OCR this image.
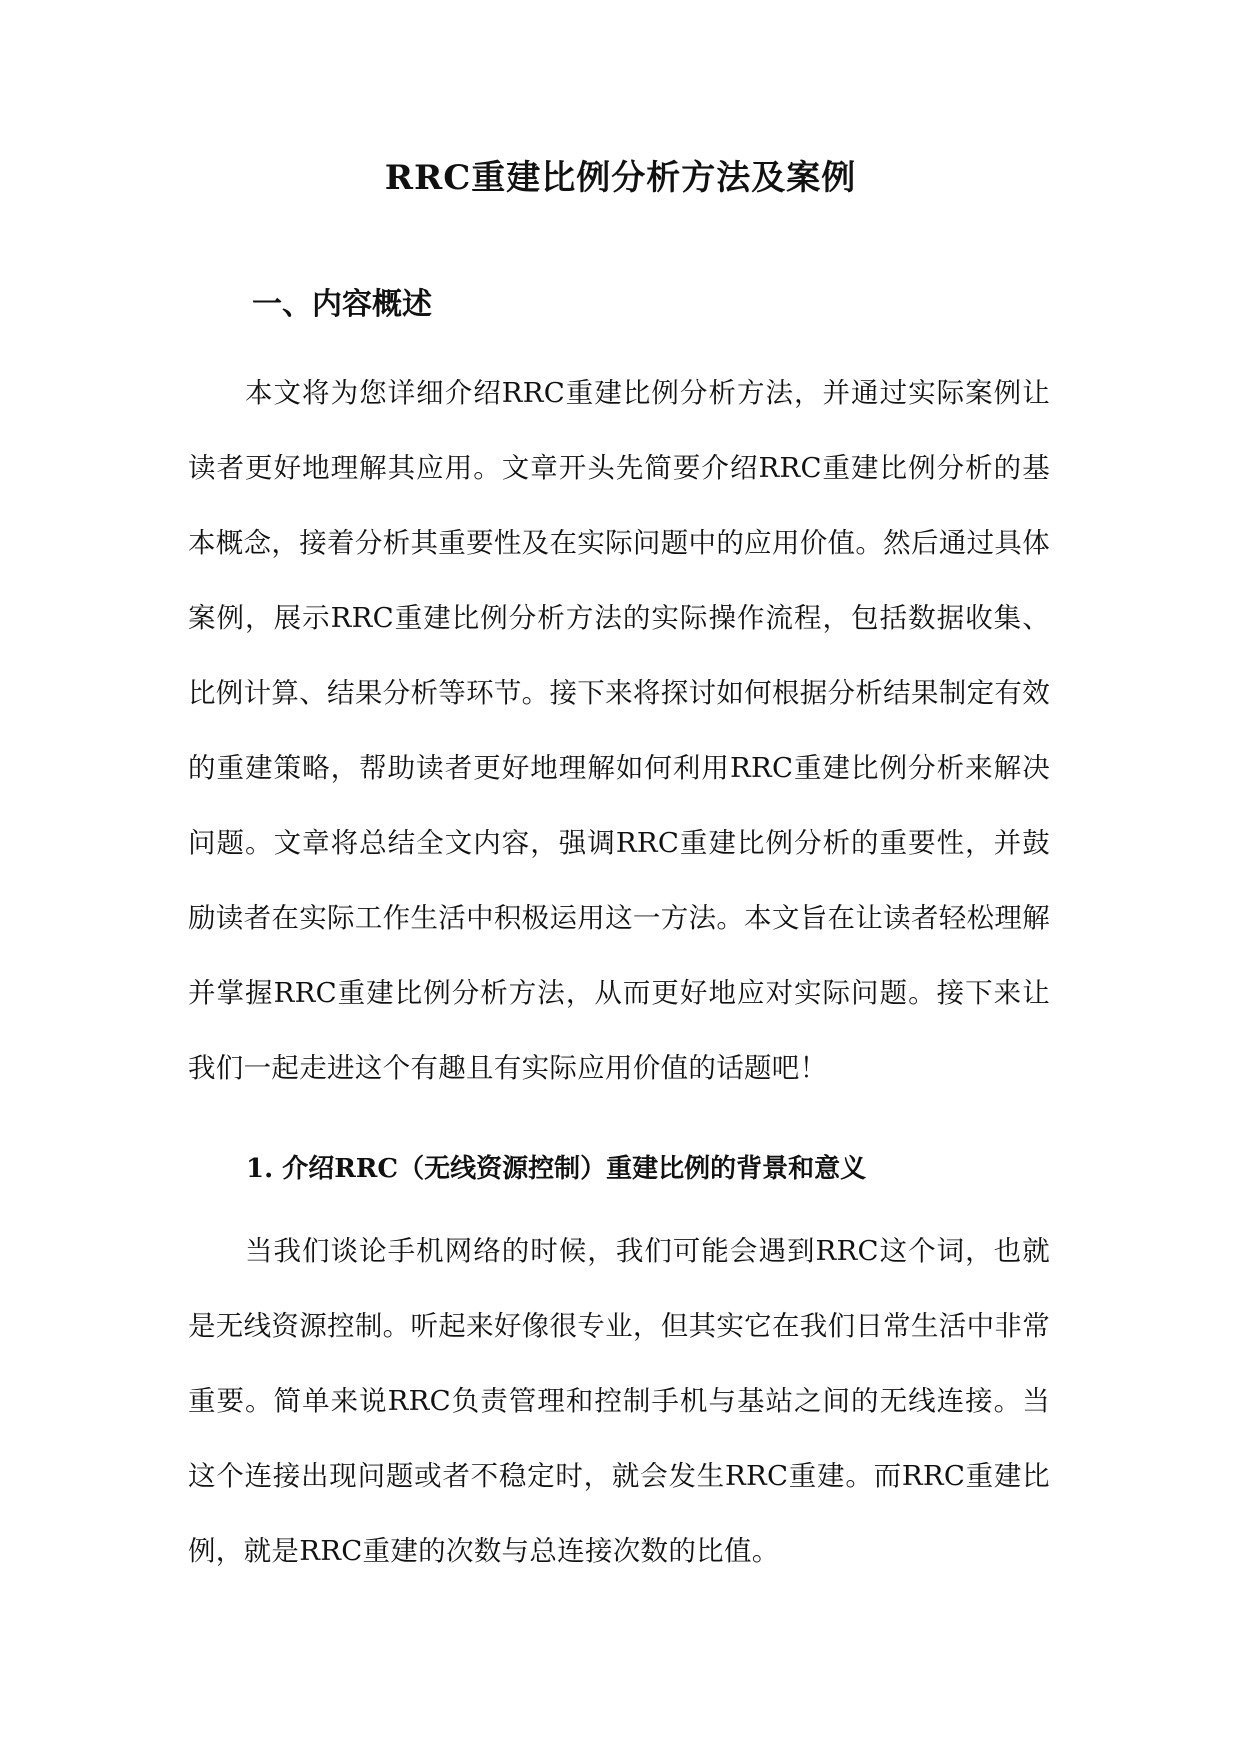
RRC重建比例分析方法及案例
一、内容概述

本文将为您详细介绍RRC重建比例分析方法，并通过实际案例让读者更好地理解其应用。文章开头先简要介绍RRC重建比例分析的基本概念，接着分析其重要性及在实际问题中的应用价值。然后通过具体案例，展示RRC重建比例分析方法的实际操作流程，包括数据收集、比例计算、结果分析等环节。接下来将探讨如何根据分析结果制定有效的重建策略，帮助读者更好地理解如何利用RRC重建比例分析来解决问题。文章将总结全文内容，强调RRC重建比例分析的重要性，并鼓励读者在实际工作生活中积极运用这一方法。本文旨在让读者轻松理解并掌握RRC重建比例分析方法，从而更好地应对实际问题。接下来让我们一起走进这个有趣且有实际应用价值的话题吧！

1. 介绍RRC（无线资源控制）重建比例的背景和意义

当我们谈论手机网络的时候，我们可能会遇到RRC这个词，也就是无线资源控制。听起来好像很专业，但其实它在我们日常生活中非常重要。简单来说RRC负责管理和控制手机与基站之间的无线连接。当这个连接出现问题或者不稳定时，就会发生RRC重建。而RRC重建比例，就是RRC重建的次数与总连接次数的比值。
